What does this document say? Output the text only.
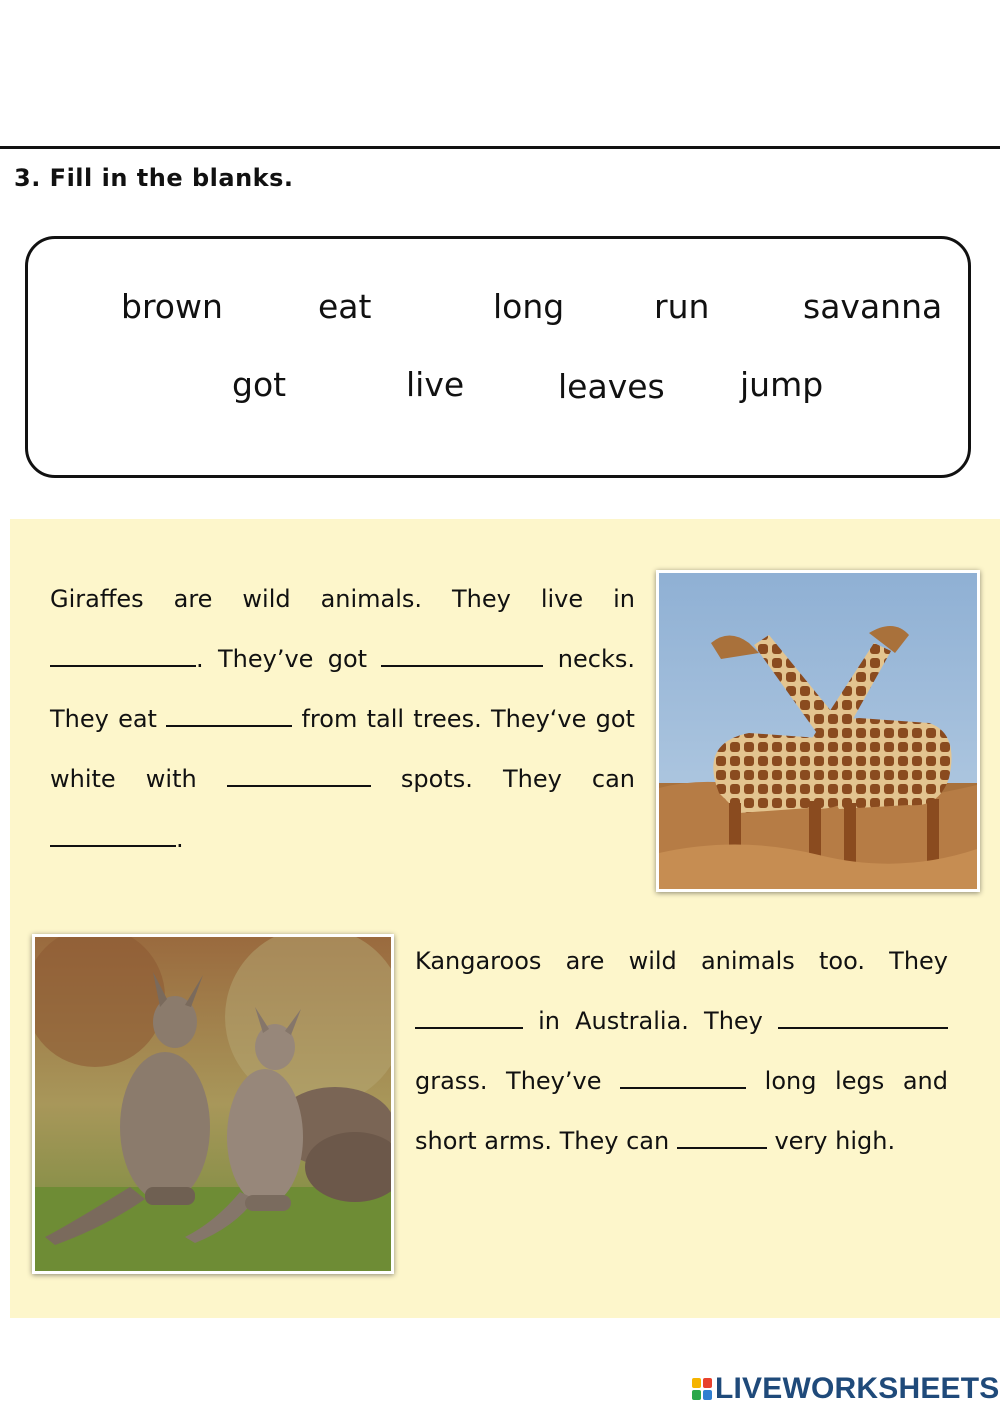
3. Fill in the blanks.
brown	eat	long	run	savanna
got	live	leaves jump
Giraffes are wild animals. They live in . They’ve got	necks. They eat	from tall trees. They‘ve got white with	spots. They can .
Kangaroos are wild animals too. They  in Australia. They  grass. They’ve	long legs and short arms. They can	very high.
LIVEWORKSHEETS
